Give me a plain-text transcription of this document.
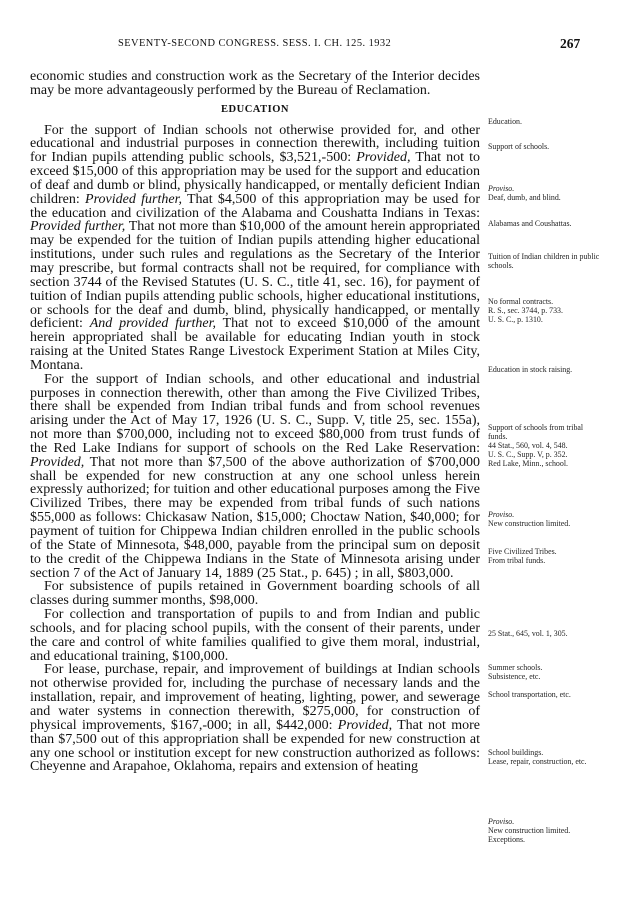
SEVENTY-SECOND CONGRESS. SESS. I. CH. 125. 1932	267

economic studies and construction work as the Secretary of the Interior decides may be more advantageously performed by the Bureau of Reclamation.

EDUCATION

For the support of Indian schools not otherwise provided for, and other educational and industrial purposes in connection therewith, including tuition for Indian pupils attending public schools, $3,521,-500: Provided, That not to exceed $15,000 of this appropriation may be used for the support and education of deaf and dumb or blind, physically handicapped, or mentally deficient Indian children: Provided further, That $4,500 of this appropriation may be used for the education and civilization of the Alabama and Coushatta Indians in Texas: Provided further, That not more than $10,000 of the amount herein appropriated may be expended for the tuition of Indian pupils attending higher educational institutions, under such rules and regulations as the Secretary of the Interior may prescribe, but formal contracts shall not be required, for compliance with section 3744 of the Revised Statutes (U. S. C., title 41, sec. 16), for payment of tuition of Indian pupils attending public schools, higher educational institutions, or schools for the deaf and dumb, blind, physically handicapped, or mentally deficient: And provided further, That not to exceed $10,000 of the amount herein appropriated shall be available for educating Indian youth in stock raising at the United States Range Livestock Experiment Station at Miles City, Montana.

For the support of Indian schools, and other educational and industrial purposes in connection therewith, other than among the Five Civilized Tribes, there shall be expended from Indian tribal funds and from school revenues arising under the Act of May 17, 1926 (U. S. C., Supp. V, title 25, sec. 155a), not more than $700,000, including not to exceed $80,000 from trust funds of the Red Lake Indians for support of schools on the Red Lake Reservation: Provided, That not more than $7,500 of the above authorization of $700,000 shall be expended for new construction at any one school unless herein expressly authorized; for tuition and other educational purposes among the Five Civilized Tribes, there may be expended from tribal funds of such nations $55,000 as follows: Chickasaw Nation, $15,000; Choctaw Nation, $40,000; for payment of tuition for Chippewa Indian children enrolled in the public schools of the State of Minnesota, $48,000, payable from the principal sum on deposit to the credit of the Chippewa Indians in the State of Minnesota arising under section 7 of the Act of January 14, 1889 (25 Stat., p. 645) ; in all, $803,000.

For subsistence of pupils retained in Government boarding schools of all classes during summer months, $98,000.

For collection and transportation of pupils to and from Indian and public schools, and for placing school pupils, with the consent of their parents, under the care and control of white families qualified to give them moral, industrial, and educational training, $100,000.

For lease, purchase, repair, and improvement of buildings at Indian schools not otherwise provided for, including the purchase of necessary lands and the installation, repair, and improvement of heating, lighting, power, and sewerage and water systems in connection therewith, $275,000, for construction of physical improvements, $167,-000; in all, $442,000: Provided, That not more than $7,500 out of this appropriation shall be expended for new construction at any one school or institution except for new construction authorized as follows: Cheyenne and Arapahoe, Oklahoma, repairs and extension of heating

Education.
Support of schools.
Proviso.
Deaf, dumb, and blind.
Alabamas and Coushattas.
Tuition of Indian children in public schools.
No formal contracts.
R. S., sec. 3744, p. 733.
U. S. C., p. 1310.
Education in stock raising.
Support of schools from tribal funds.
44 Stat., 560, vol. 4, 548.
U. S. C., Supp. V, p. 352.
Red Lake, Minn., school.
Proviso.
New construction limited.
Five Civilized Tribes.
From tribal funds.
25 Stat., 645, vol. 1, 305.
Summer schools.
Subsistence, etc.
School transportation, etc.
School buildings.
Lease, repair, construction, etc.
Proviso.
New construction limited.
Exceptions.
